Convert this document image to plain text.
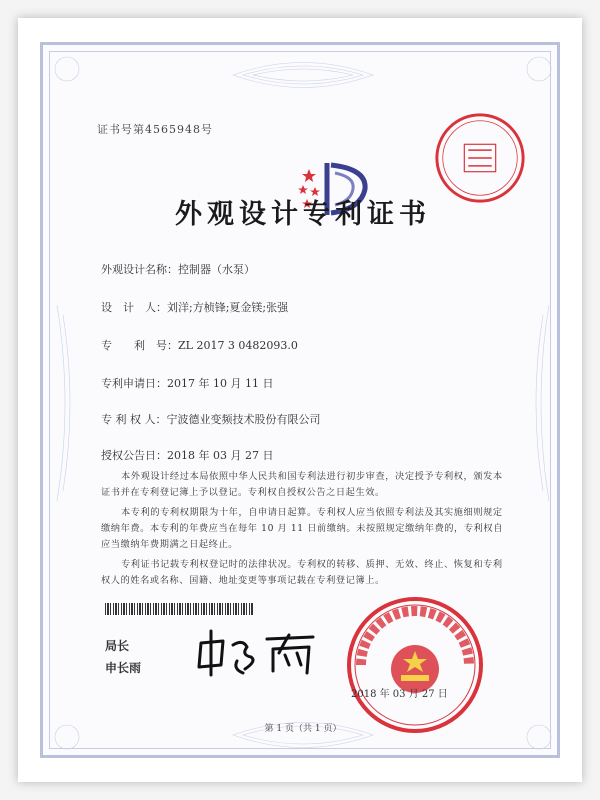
证书号第4565948号
外观设计专利证书
外观设计名称：控制器（水泵）
设　计　人：刘洋;方桢锋;夏金镁;张强
专　　利　号：ZL 2017 3 0482093.0
专利申请日：2017 年 10 月 11 日
专 利 权 人：宁波德业变频技术股份有限公司
授权公告日：2018 年 03 月 27 日
本外观设计经过本局依照中华人民共和国专利法进行初步审查，决定授予专利权，颁发本证书并在专利登记簿上予以登记。专利权自授权公告之日起生效。
本专利的专利权期限为十年，自申请日起算。专利权人应当依照专利法及其实施细则规定缴纳年费。本专利的年费应当在每年 10 月 11 日前缴纳。未按照规定缴纳年费的，专利权自应当缴纳年费期满之日起终止。
专利证书记载专利权登记时的法律状况。专利权的转移、质押、无效、终止、恢复和专利权人的姓名或名称、国籍、地址变更等事项记载在专利登记簿上。
局长
申长雨
2018 年 03 月 27 日
第 1 页（共 1 页）
